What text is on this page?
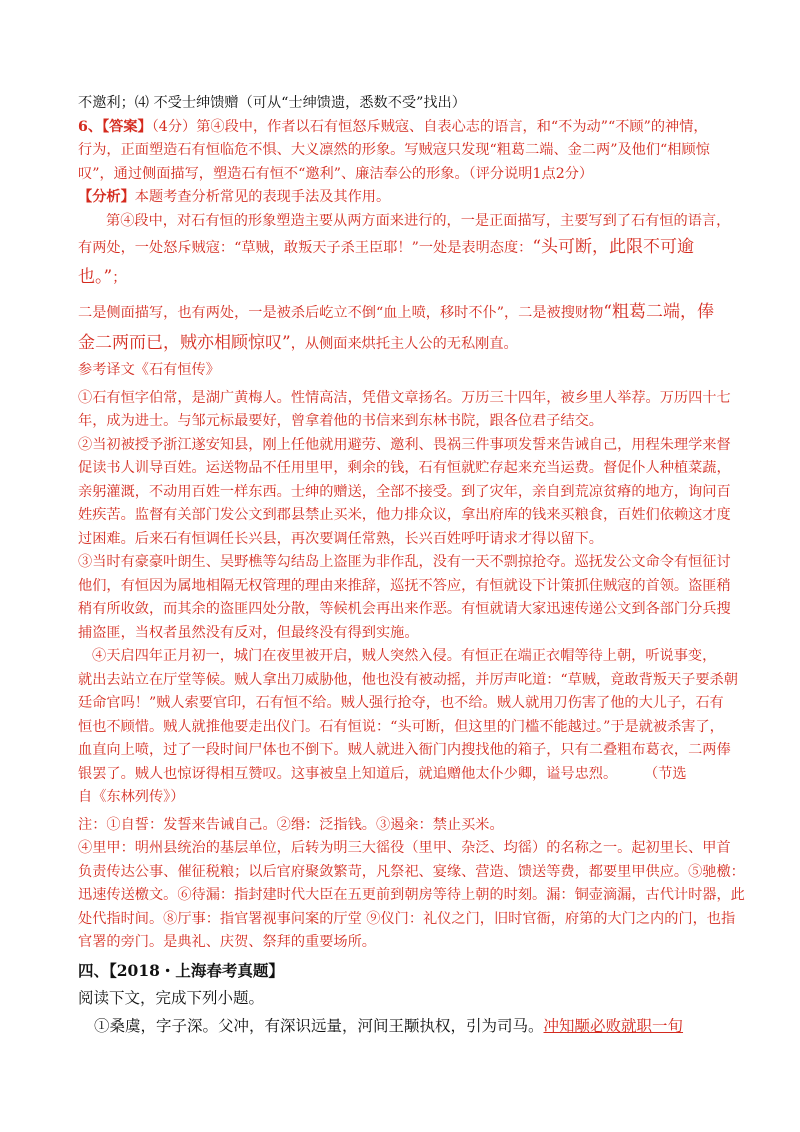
不邀利；⑷ 不受士绅馈赠（可从“士绅馈遗，悉数不受”找出）
6、【答案】（4分）第④段中，作者以石有恒怒斥贼寇、自表心志的语言，和“不为动”“不顾”的神情，
行为，正面塑造石有恒临危不惧、大义凛然的形象。写贼寇只发现“粗葛二端、金二两”及他们“相顾惊
叹”，通过侧面描写，塑造石有恒不“邀利”、廉洁奉公的形象。（评分说明1点2分）
【分析】本题考查分析常见的表现手法及其作用。
第④段中，对石有恒的形象塑造主要从两方面来进行的，一是正面描写，主要写到了石有恒的语言，
有两处，一处怒斥贼寇：“草贼，敢叛天子杀王臣耶！”一处是表明态度：“头可断，此限不可逾
也。”；
二是侧面描写，也有两处，一是被杀后屹立不倒“血上喷，移时不仆”，二是被搜财物“粗葛二端，俸
金二两而已，贼亦相顾惊叹”，从侧面来烘托主人公的无私刚直。
参考译文《石有恒传》
①石有恒字伯常，是湖广黄梅人。性情高洁，凭借文章扬名。万历三十四年，被乡里人举荐。万历四十七
年，成为进士。与邹元标最要好，曾拿着他的书信来到东林书院，跟各位君子结交。
②当初被授予浙江遂安知县，刚上任他就用避劳、邀利、畏祸三件事项发誓来告诫自己，用程朱理学来督
促读书人训导百姓。运送物品不任用里甲，剩余的钱，石有恒就贮存起来充当运费。督促仆人种植菜蔬，
亲躬灌溉，不动用百姓一样东西。士绅的赠送，全部不接受。到了灾年，亲自到荒凉贫瘠的地方，询问百
姓疾苦。监督有关部门发公文到郡县禁止买米，他力排众议，拿出府库的钱来买粮食，百姓们依赖这才度
过困难。后来石有恒调任长兴县，再次要调任常熟，长兴百姓呼吁请求才得以留下。
③当时有豪豪叶朗生、吴野樵等勾结岛上盗匪为非作乱，没有一天不剽掠抢夺。巡抚发公文命令有恒征讨
他们，有恒因为属地相隔无权管理的理由来推辞，巡抚不答应，有恒就设下计策抓住贼寇的首领。盗匪稍
稍有所收敛，而其余的盗匪四处分散，等候机会再出来作恶。有恒就请大家迅速传递公文到各部门分兵搜
捕盗匪，当权者虽然没有反对，但最终没有得到实施。
④天启四年正月初一，城门在夜里被开启，贼人突然入侵。有恒正在端正衣帽等待上朝，听说事变，
就出去站立在厅堂等候。贼人拿出刀威胁他，他也没有被动摇，并厉声叱道：“草贼，竟敢背叛天子要杀朝
廷命官吗！”贼人索要官印，石有恒不给。贼人强行抢夺，也不给。贼人就用刀伤害了他的大儿子，石有
恒也不顾惜。贼人就推他要走出仪门。石有恒说：“头可断，但这里的门槛不能越过。”于是就被杀害了，
血直向上喷，过了一段时间尸体也不倒下。贼人就进入衙门内搜找他的箱子，只有二叠粗布葛衣，二两俸
银罢了。贼人也惊讶得相互赞叹。这事被皇上知道后，就追赠他太仆少卿，谥号忠烈。 （节选
自《东林列传》）
注：①自誓：发誓来告诫自己。②缗：泛指钱。③遏籴：禁止买米。
④里甲：明州县统治的基层单位，后转为明三大徭役（里甲、杂泛、均徭）的名称之一。起初里长、甲首
负责传达公事、催征税粮；以后官府聚敛繁苛，凡祭祀、宴缘、营造、馈送等费，都要里甲供应。⑤驰檄：
迅速传送檄文。⑥待漏：指封建时代大臣在五更前到朝房等待上朝的时刻。漏：铜壶滴漏，古代计时器，此
处代指时间。⑧厅事：指官署视事问案的厅堂 ⑨仪门：礼仪之门，旧时官衙，府第的大门之内的门，也指
官署的旁门。是典礼、庆贺、祭拜的重要场所。
四、【2018・上海春考真题】
阅读下文，完成下列小题。
①桑虞，字子深。父冲，有深识远量，河间王颙执权，引为司马。冲知颙必败就职一旬
